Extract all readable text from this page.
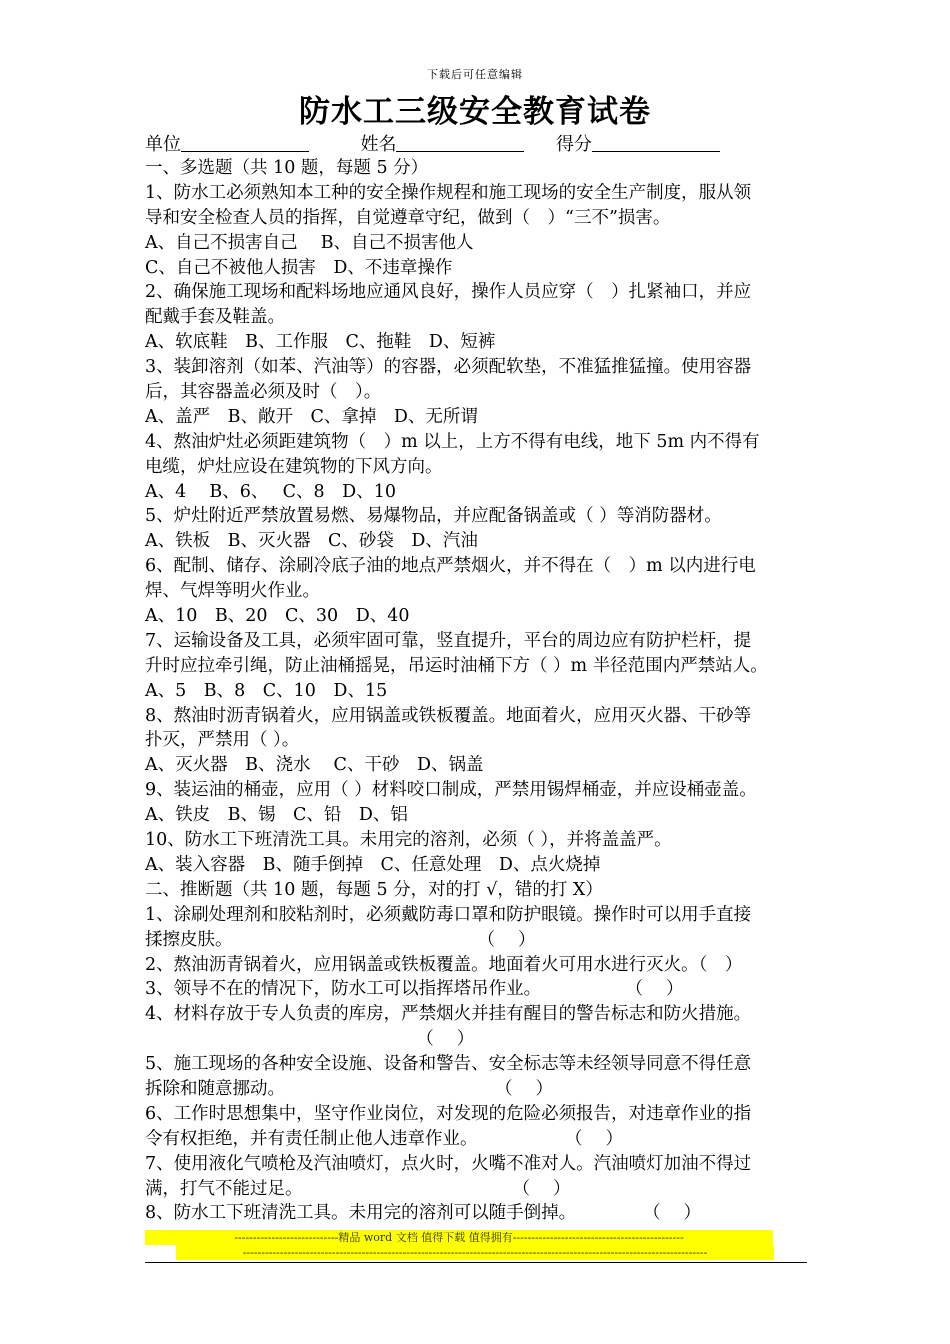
下载后可任意编辑
防水工三级安全教育试卷
单位	姓名	得分
一、多选题（共 10 题，每题 5 分）
1、防水工必须熟知本工种的安全操作规程和施工现场的安全生产制度，服从领
导和安全检查人员的指挥，自觉遵章守纪，做到（　）“三不”损害。
A、自己不损害自己　 B、自己不损害他人
C、自己不被他人损害　D、不违章操作
2、确保施工现场和配料场地应通风良好，操作人员应穿（　）扎紧袖口，并应
配戴手套及鞋盖。
A、软底鞋　B、工作服　C、拖鞋　D、短裤
3、装卸溶剂（如苯、汽油等）的容器，必须配软垫，不准猛推猛撞。使用容器
后，其容器盖必须及时（　）。
A、盖严　B、敞开　C、拿掉　D、无所谓
4、熬油炉灶必须距建筑物（　）m 以上，上方不得有电线，地下 5m 内不得有
电缆，炉灶应设在建筑物的下风方向。
A、4　 B、6、　 C、8　D、10
5、炉灶附近严禁放置易燃、易爆物品，并应配备锅盖或（ ）等消防器材。
A、铁板　B、灭火器　C、砂袋　D、汽油
6、配制、储存、涂刷冷底子油的地点严禁烟火，并不得在（　）m 以内进行电
焊、气焊等明火作业。
A、10　B、20　C、30　D、40
7、运输设备及工具，必须牢固可靠，竖直提升，平台的周边应有防护栏杆，提
升时应拉牵引绳，防止油桶摇晃，吊运时油桶下方（ ）m 半径范围内严禁站人。
A、5　B、8　C、10　D、15
8、熬油时沥青锅着火，应用锅盖或铁板覆盖。地面着火，应用灭火器、干砂等
扑灭，严禁用（ ）。
A、灭火器　B、浇水　 C、干砂　D、锅盖
9、装运油的桶壶，应用（ ）材料咬口制成，严禁用锡焊桶壶，并应设桶壶盖。
A、铁皮　B、锡　C、铅　D、铝
10、防水工下班清洗工具。未用完的溶剂，必须（ ），并将盖盖严。
A、装入容器　B、随手倒掉　C、任意处理　D、点火烧掉
二、推断题（共 10 题，每题 5 分，对的打 √，错的打 X）
1、涂刷处理剂和胶粘剂时，必须戴防毒口罩和防护眼镜。操作时可以用手直接
揉擦皮肤。　　　　　　　　　　　　　　　（　 ）
2、熬油沥青锅着火，应用锅盖或铁板覆盖。地面着火可用水进行灭火。（　）
3、领导不在的情况下，防水工可以指挥塔吊作业。　　　　　 （　 ）
4、材料存放于专人负责的库房，严禁烟火并挂有醒目的警告标志和防火措施。
　　　　　　　　　　　　　　　　（　 ）
5、施工现场的各种安全设施、设备和警告、安全标志等未经领导同意不得任意
拆除和随意挪动。　　　　　　　　　　　　　（　 ）
6、工作时思想集中，坚守作业岗位，对发现的危险必须报告，对违章作业的指
令有权拒绝，并有责任制止他人违章作业。　　　　　　（　 ）
7、使用液化气喷枪及汽油喷灯，点火时，火嘴不准对人。汽油喷灯加油不得过
满，打气不能过足。　　　　　　　　　　　　　（　 ）
8、防水工下班清洗工具。未用完的溶剂可以随手倒掉。　　　　 （　 ）
----------------------------精品 word 文档 值得下载 值得拥有----------------------------------------------
-----------------------------------------------------------------------------------------------------------------------------
